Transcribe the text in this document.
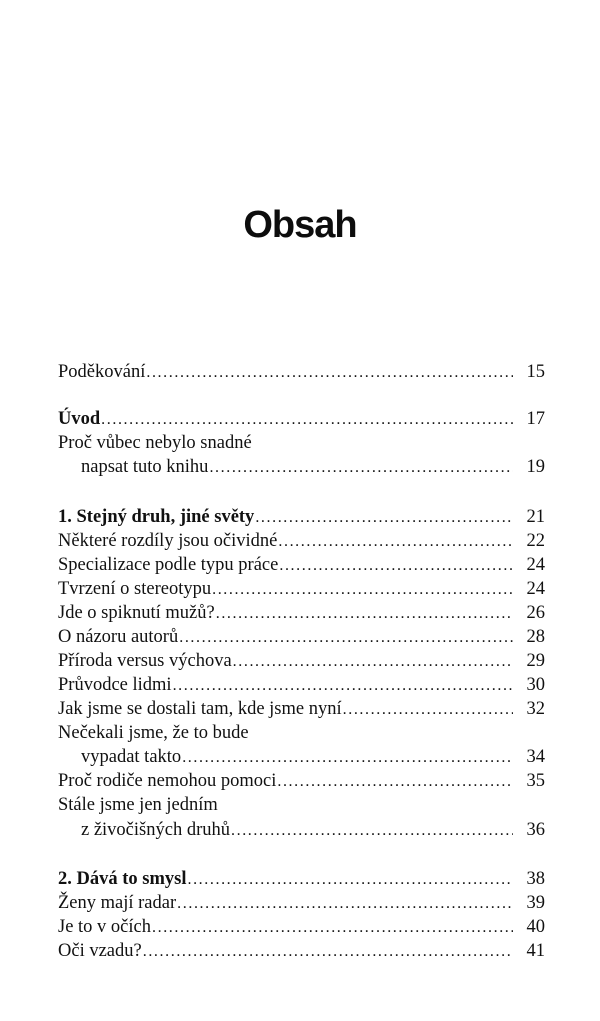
Obsah
Poděkování .....	15
Úvod .....	17
Proč vůbec nebylo snadné
napsat tuto knihu .....	19
1. Stejný druh, jiné světy .....	21
Některé rozdíly jsou očividné .....	22
Specializace podle typu práce .....	24
Tvrzení o stereotypu .....	24
Jde o spiknutí mužů? .....	26
O názoru autorů .....	28
Příroda versus výchova .....	29
Průvodce lidmi .....	30
Jak jsme se dostali tam, kde jsme nyní .....	32
Nečekali jsme, že to bude
vypadat takto .....	34
Proč rodiče nemohou pomoci .....	35
Stále jsme jen jedním
z živočišných druhů .....	36
2. Dává to smysl .....	38
Ženy mají radar .....	39
Je to v očích .....	40
Oči vzadu? .....	41
